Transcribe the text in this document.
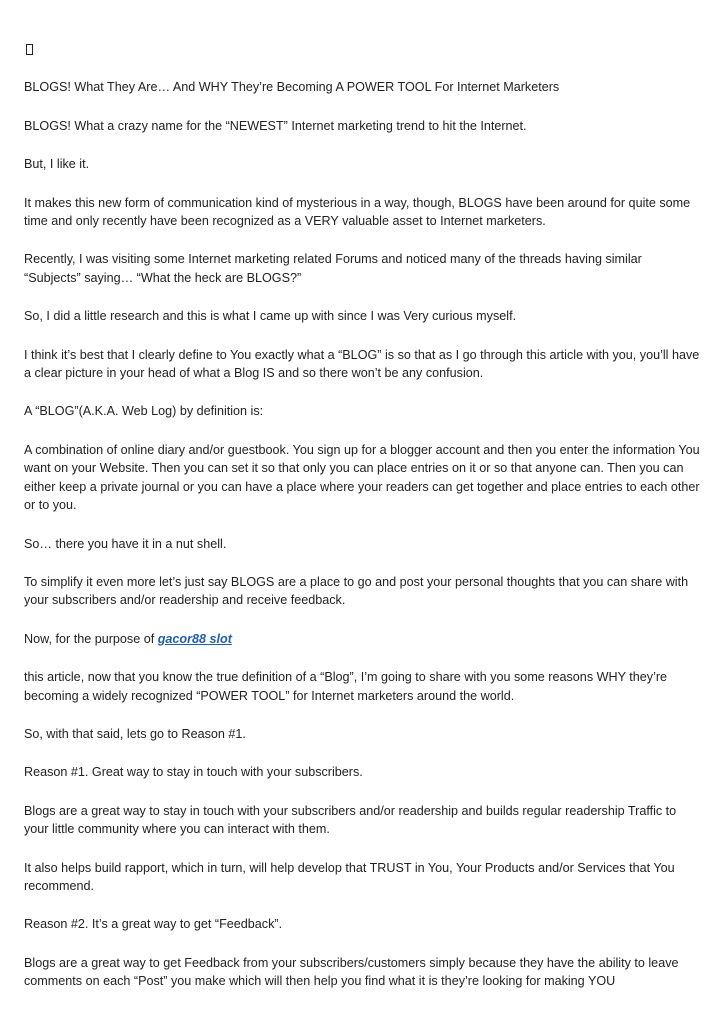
BLOGS! What They Are… And WHY They’re Becoming A POWER TOOL For Internet Marketers

BLOGS! What a crazy name for the “NEWEST” Internet marketing trend to hit the Internet.

But, I like it.

It makes this new form of communication kind of mysterious in a way, though, BLOGS have been around for quite some time and only recently have been recognized as a VERY valuable asset to Internet marketers.

Recently, I was visiting some Internet marketing related Forums and noticed many of the threads having similar “Subjects” saying… “What the heck are BLOGS?”

So, I did a little research and this is what I came up with since I was Very curious myself.

I think it’s best that I clearly define to You exactly what a “BLOG” is so that as I go through this article with you, you’ll have a clear picture in your head of what a Blog IS and so there won’t be any confusion.

A “BLOG”(A.K.A. Web Log) by definition is:

A combination of online diary and/or guestbook. You sign up for a blogger account and then you enter the information You want on your Website. Then you can set it so that only you can place entries on it or so that anyone can. Then you can either keep a private journal or you can have a place where your readers can get together and place entries to each other or to you.

So… there you have it in a nut shell.

To simplify it even more let’s just say BLOGS are a place to go and post your personal thoughts that you can share with your subscribers and/or readership and receive feedback.

Now, for the purpose of gacor88 slot

this article, now that you know the true definition of a “Blog”, I’m going to share with you some reasons WHY they’re becoming a widely recognized “POWER TOOL” for Internet marketers around the world.

So, with that said, lets go to Reason #1.

Reason #1. Great way to stay in touch with your subscribers.

Blogs are a great way to stay in touch with your subscribers and/or readership and builds regular readership Traffic to your little community where you can interact with them.

It also helps build rapport, which in turn, will help develop that TRUST in You, Your Products and/or Services that You recommend.

Reason #2. It’s a great way to get “Feedback”.

Blogs are a great way to get Feedback from your subscribers/customers simply because they have the ability to leave comments on each “Post” you make which will then help you find what it is they’re looking for making YOU
